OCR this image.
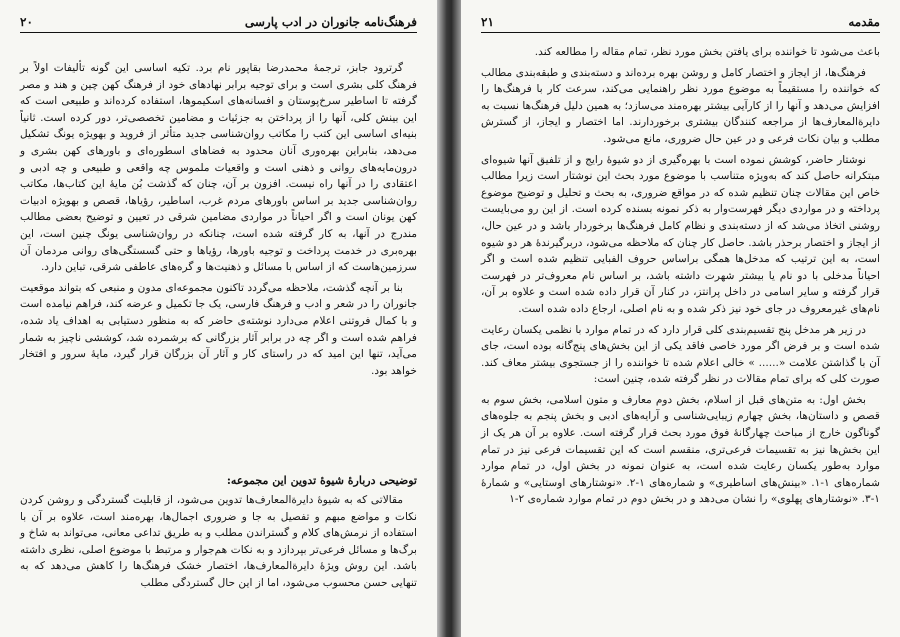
فرهنگ‌نامه جانوران در ادب پارسی
۲۰

گرترود جابز، ترجمهٔ محمدرضا بقاپور نام برد. تکیه اساسی این گونه تألیفات اولاً بر فرهنگ کلی بشری است و برای توجیه برابر نهادهای خود از فرهنگ کهن چین و هند و مصر گرفته تا اساطیر سرخ‌پوستان و افسانه‌های اسکیموها، استفاده کرده‌اند و طبیعی است که این بینش کلی، آنها را از پرداختن به جزئیات و مضامین تخصصی‌تر، دور کرده است. ثانیاً بنیه‌ای اساسی این کتب را مکاتب روان‌شناسی جدید متأثر از فروید و بهویژه یونگ تشکیل می‌دهد، بنابراین بهره‌وری آنان محدود به فضاهای اسطوره‌ای و باورهای کهن بشری و درون‌مایه‌های روانی و ذهنی است و واقعیات ملموس چه واقعی و طبیعی و چه ادبی و اعتقادی را در آنها راه نیست. افزون بر آن، چنان که گذشت بُن مایهٔ این کتاب‌ها، مکاتب روان‌شناسی جدید بر اساس باورهای مردم غرب، اساطیر، رؤیاها، قصص و بهویژه ادبیات کهن یونان است و اگر احیاناً در مواردی مضامین شرقی در تعیین و توضیح بعضی مطالب مندرج در آنها، به کار گرفته شده است، چنانکه در روان‌شناسی یونگ چنین است، این بهره‌بری در خدمت پرداخت و توجیه باورها، رؤیاها و حتی گسستگی‌های روانی مردمان آن سرزمین‌هاست که از اساس با مسائل و ذهنیت‌ها و گره‌های عاطفی شرقی، تباین دارد.

بنا بر آنچه گذشت، ملاحظه می‌گردد تاکنون مجموعه‌ای مدون و منبعی که بتواند موقعیت جانوران را در شعر و ادب و فرهنگ فارسی، یک جا تکمیل و عرضه کند، فراهم نیامده است و با کمال فروتنی اعلام می‌دارد نوشته‌ی حاضر که به منظور دستیابی به اهداف یاد شده، فراهم شده است و اگر چه در برابر آثار بزرگانی که برشمرده شد، کوششی ناچیز به شمار می‌آید، تنها این امید که در راستای کار و آثار آن بزرگان قرار گیرد، مایهٔ سرور و افتخار خواهد بود.

توضیحی دربارهٔ شیوهٔ تدوین این مجموعه:

مقالاتی که به شیوهٔ دایرةالمعارف‌ها تدوین می‌شود، از قابلیت گستردگی و روشن کردن نکات و مواضع مبهم و تفصیل به جا و ضروری اجمال‌ها، بهره‌مند است، علاوه بر آن با استفاده از نرمش‌های کلام و گستراندن مطلب و به طریق تداعی معانی، می‌تواند به شاخ و برگ‌ها و مسائل فرعی‌تر بپردازد و به نکات هم‌جوار و مرتبط با موضوع اصلی، نظری داشته باشد. این روش ویژهٔ دایرةالمعارف‌ها، اختصار خشک فرهنگ‌ها را کاهش می‌دهد که به تنهایی حسن محسوب می‌شود، اما از این حال گستردگی مطلب

مقدمه
۲۱

باعث می‌شود تا خواننده برای یافتن بخش مورد نظر، تمام مقاله را مطالعه کند.

فرهنگ‌ها، از ایجاز و اختصار کامل و روشن بهره برده‌اند و دسته‌بندی و طبقه‌بندی مطالب که خواننده را مستقیماً به موضوع مورد نظر راهنمایی می‌کند، سرعت کار با فرهنگ‌ها را افزایش می‌دهد و آنها را از کارآیی بیشتر بهره‌مند می‌سازد؛ به همین دلیل فرهنگ‌ها نسبت به دایرةالمعارف‌ها از مراجعه کنندگان بیشتری برخوردارند. اما اختصار و ایجاز، از گسترش مطلب و بیان نکات فرعی و در عین حال ضروری، مانع می‌شود.

نوشتار حاضر، کوشش نموده است با بهره‌گیری از دو شیوهٔ رایج و از تلفیق آنها شیوه‌ای مبتکرانه حاصل کند که به‌ویژه متناسب با موضوع مورد بحث این نوشتار است زیرا مطالب خاص این مقالات چنان تنظیم شده که در مواقع ضروری، به بحث و تحلیل و توضیح موضوع پرداخته و در مواردی دیگر فهرست‌وار به ذکر نمونه بسنده کرده است. از این رو می‌بایست روشنی اتخاذ می‌شد که از دسته‌بندی و نظام کامل فرهنگ‌ها برخوردار باشد و در عین حال، از ایجاز و اختصار برحذر باشد. حاصل کار چنان که ملاحظه می‌شود، دربرگیرندهٔ هر دو شیوه است، به این ترتیب که مدخل‌ها همگی براساس حروف الفبایی تنظیم شده است و اگر احیاناً مدخلی با دو نام یا بیشتر شهرت داشته باشد، بر اساس نام معروف‌تر در فهرست قرار گرفته و سایر اسامی در داخل پرانتز، در کنار آن قرار داده شده است و علاوه بر آن، نام‌های غیرمعروف در جای خود نیز ذکر شده و به نام اصلی، ارجاع داده شده است.

در زیر هر مدخل پنج تقسیم‌بندی کلی قرار دارد که در تمام موارد با نظمی یکسان رعایت شده است و بر فرض اگر مورد خاصی فاقد یکی از این بخش‌های پنج‌گانه بوده است، جای آن با گذاشتن علامت «...... » خالی اعلام شده تا خواننده را از جستجوی بیشتر معاف کند. صورت کلی که برای تمام مقالات در نظر گرفته شده، چنین است:

بخش اول: به متن‌های قبل از اسلام، بخش دوم معارف و متون اسلامی، بخش سوم به قصص و داستان‌ها، بخش چهارم زیبایی‌شناسی و آرایه‌های ادبی و بخش پنجم به جلوه‌های گوناگون خارج از مباحث چهارگانهٔ فوق مورد بحث قرار گرفته است. علاوه بر آن هر یک از این بخش‌ها نیز به تقسیمات فرعی‌تری، منقسم است که این تقسیمات فرعی نیز در تمام موارد به‌طور یکسان رعایت شده است، به عنوان نمونه در بخش اول، در تمام موارد شماره‌های ۱-۱. «بینش‌های اساطیری» و شماره‌های ۱-۲. «نوشتارهای اوستایی» و شمارهٔ ۱-۳. «نوشتارهای پهلوی» را نشان می‌دهد و در بخش دوم در تمام موارد شماره‌ی ۲-۱
